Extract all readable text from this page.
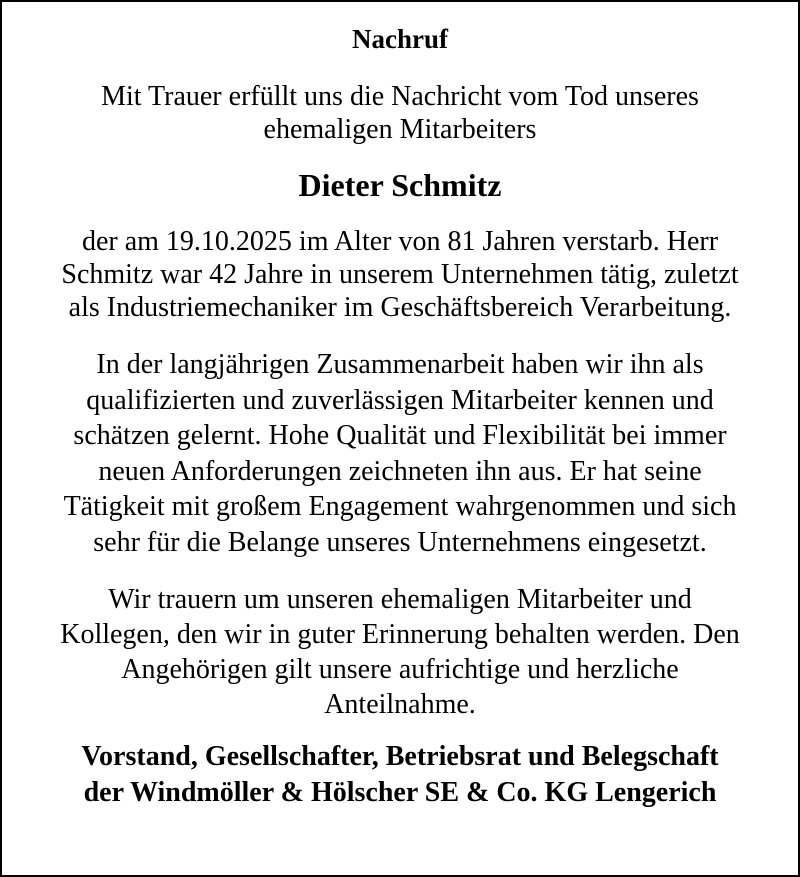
Nachruf
Mit Trauer erfüllt uns die Nachricht vom Tod unseres
ehemaligen Mitarbeiters
Dieter Schmitz
der am 19.10.2025 im Alter von 81 Jahren verstarb. Herr
Schmitz war 42 Jahre in unserem Unternehmen tätig, zuletzt
als Industriemechaniker im Geschäftsbereich Verarbeitung.
In der langjährigen Zusammenarbeit haben wir ihn als
qualifizierten und zuverlässigen Mitarbeiter kennen und
schätzen gelernt. Hohe Qualität und Flexibilität bei immer
neuen Anforderungen zeichneten ihn aus. Er hat seine
Tätigkeit mit großem Engagement wahrgenommen und sich
sehr für die Belange unseres Unternehmens eingesetzt.
Wir trauern um unseren ehemaligen Mitarbeiter und
Kollegen, den wir in guter Erinnerung behalten werden. Den
Angehörigen gilt unsere aufrichtige und herzliche
Anteilnahme.
Vorstand, Gesellschafter, Betriebsrat und Belegschaft
der Windmöller & Hölscher SE & Co. KG Lengerich
